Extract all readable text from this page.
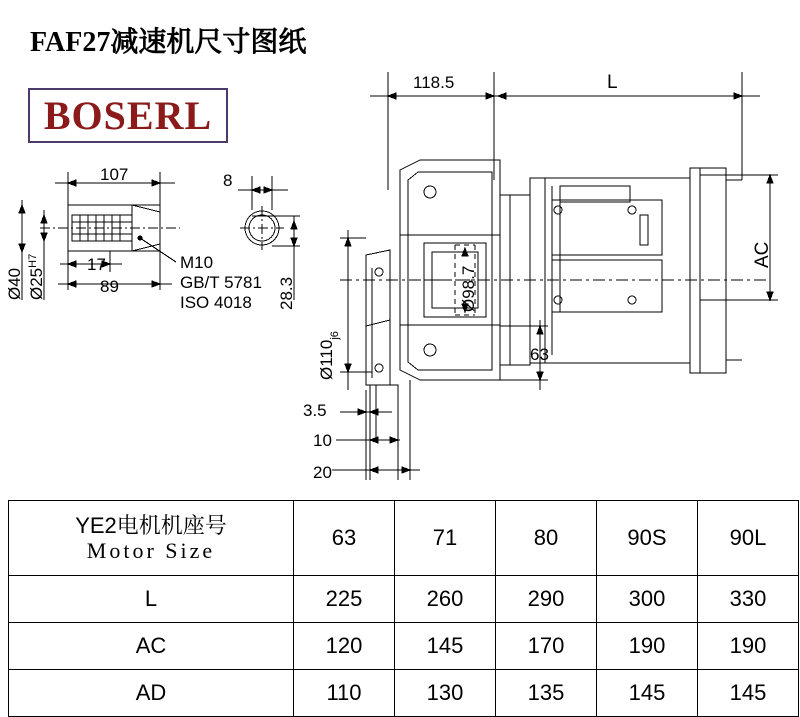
FAF27减速机尺寸图纸
BOSERL
118.5	L
107	8
17
89
63
3.5
10
20
Ø40 $Ø25^{H7}$
28.3	Ø98.7
$Ø110_{j6}$
AC
M10
GB/T 5781
ISO 4018
YE2电机机座号
Motor Size	63	71	80	90S	90L
L	225	260	290	300	330
AC	120	145	170	190	190
AD	110	130	135	145	145
